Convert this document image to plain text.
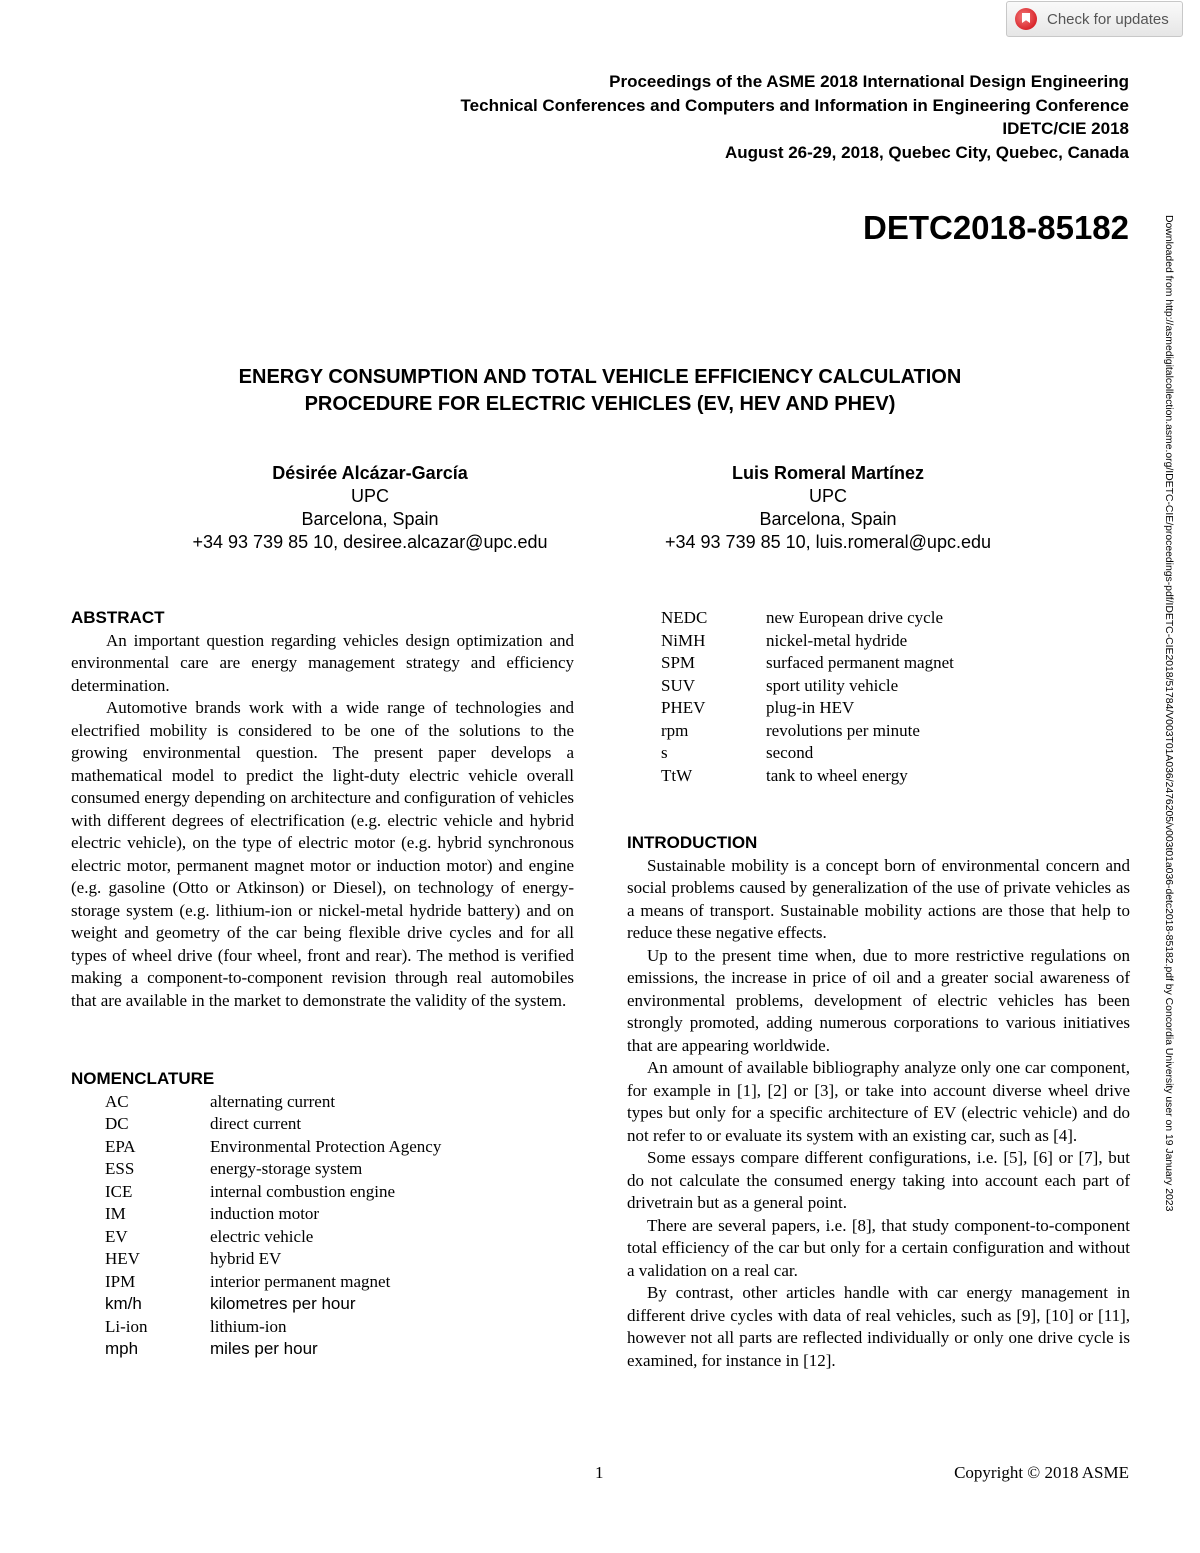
Check for updates
Proceedings of the ASME 2018 International Design Engineering
Technical Conferences and Computers and Information in Engineering Conference
IDETC/CIE 2018
August 26-29, 2018, Quebec City, Quebec, Canada
DETC2018-85182
ENERGY CONSUMPTION AND TOTAL VEHICLE EFFICIENCY CALCULATION
PROCEDURE FOR ELECTRIC VEHICLES (EV, HEV AND PHEV)
Désirée Alcázar-García
UPC
Barcelona, Spain
+34 93 739 85 10, desiree.alcazar@upc.edu
Luis Romeral Martínez
UPC
Barcelona, Spain
+34 93 739 85 10, luis.romeral@upc.edu	Downloaded from http://asmedigitalcollection.asme.org/IDETC-CIE/proceedings-pdf/IDETC-CIE2018/51784/V003T01A036/2476205/v003t01a036-detc2018-85182.pdf by Concordia University user on 19 January 2023
ABSTRACT

An important question regarding vehicles design optimization and environmental care are energy management strategy and efficiency determination.

Automotive brands work with a wide range of technologies and electrified mobility is considered to be one of the solutions to the growing environmental question. The present paper develops a mathematical model to predict the light-duty electric vehicle overall consumed energy depending on architecture and configuration of vehicles with different degrees of electrification (e.g. electric vehicle and hybrid electric vehicle), on the type of electric motor (e.g. hybrid synchronous electric motor, permanent magnet motor or induction motor) and engine (e.g. gasoline (Otto or Atkinson) or Diesel), on technology of energy-storage system (e.g. lithium-ion or nickel-metal hydride battery) and on weight and geometry of the car being flexible drive cycles and for all types of wheel drive (four wheel, front and rear). The method is verified making a component-to-component revision through real automobiles that are available in the market to demonstrate the validity of the system.

NOMENCLATURE
AC	alternating current
DC	direct current
EPA	Environmental Protection Agency
ESS	energy-storage system
ICE	internal combustion engine
IM	induction motor
EV	electric vehicle
HEV	hybrid EV
IPM	interior permanent magnet
km/h	kilometres per hour
Li-ion	lithium-ion
mph	miles per hour
NEDC	new European drive cycle
NiMH	nickel-metal hydride
SPM	surfaced permanent magnet
SUV	sport utility vehicle
PHEV	plug-in HEV
rpm	revolutions per minute
s	second
TtW	tank to wheel energy
INTRODUCTION

Sustainable mobility is a concept born of environmental concern and social problems caused by generalization of the use of private vehicles as a means of transport. Sustainable mobility actions are those that help to reduce these negative effects.

Up to the present time when, due to more restrictive regulations on emissions, the increase in price of oil and a greater social awareness of environmental problems, development of electric vehicles has been strongly promoted, adding numerous corporations to various initiatives that are appearing worldwide.

An amount of available bibliography analyze only one car component, for example in [1], [2] or [3], or take into account diverse wheel drive types but only for a specific architecture of EV (electric vehicle) and do not refer to or evaluate its system with an existing car, such as [4].

Some essays compare different configurations, i.e. [5], [6] or [7], but do not calculate the consumed energy taking into account each part of drivetrain but as a general point.

There are several papers, i.e. [8], that study component-to-component total efficiency of the car but only for a certain configuration and without a validation on a real car.

By contrast, other articles handle with car energy management in different drive cycles with data of real vehicles, such as [9], [10] or [11], however not all parts are reflected individually or only one drive cycle is examined, for instance in [12].

1	Copyright © 2018 ASME
